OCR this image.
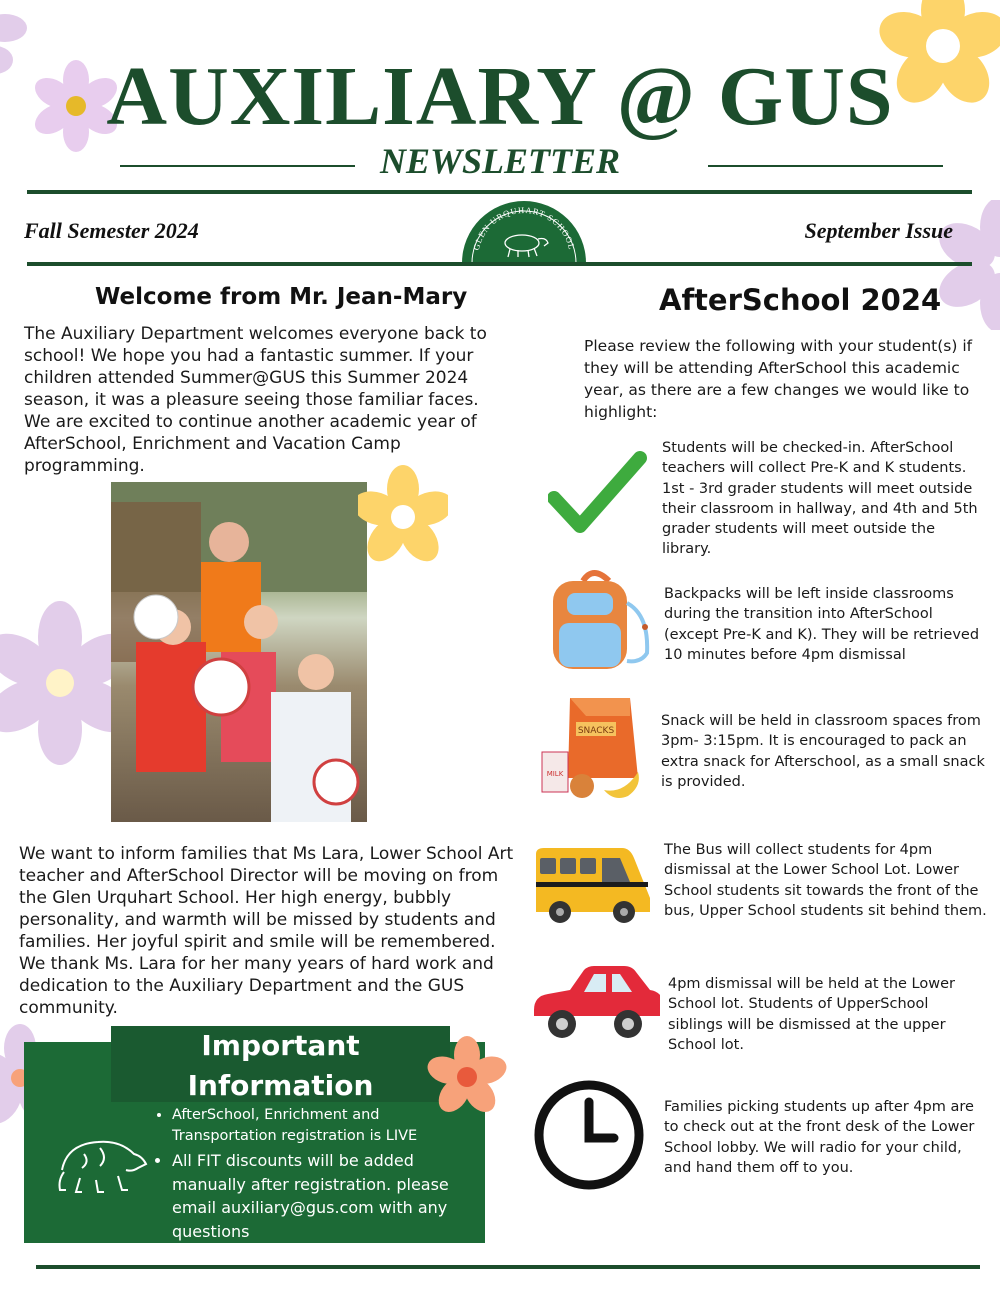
AUXILIARY @ GUS
NEWSLETTER
Fall Semester 2024	September Issue
GLEN URQUHART SCHOOL
Welcome from Mr. Jean-Mary
The Auxiliary Department welcomes everyone back to school! We hope you had a fantastic summer. If your children attended Summer@GUS this Summer 2024 season, it was a pleasure seeing those familiar faces. We are excited to continue another academic year of AfterSchool, Enrichment and Vacation Camp programming.
We want to inform families that Ms Lara, Lower School Art teacher and AfterSchool Director will be moving on from the Glen Urquhart School. Her high energy, bubbly personality, and warmth will be missed by students and families. Her joyful spirit and smile will be remembered. We thank Ms. Lara for her many years of hard work and dedication to the Auxiliary Department and the GUS community.
Important
Information
• AfterSchool, Enrichment and Transportation registration is LIVE
• All FIT discounts will be added manually after registration. please email auxiliary@gus.com with any questions
AfterSchool 2024
Please review the following with your student(s) if they will be attending AfterSchool this academic year, as there are a few changes we would like to highlight:
Students will be checked-in. AfterSchool teachers will collect Pre-K and K students. 1st - 3rd grader students will meet outside their classroom in hallway, and 4th and 5th grader students will meet outside the library.
Backpacks will be left inside classrooms during the transition into AfterSchool (except Pre-K and K). They will be retrieved 10 minutes before 4pm dismissal
SNACKS
MILK
Snack will be held in classroom spaces from 3pm- 3:15pm. It is encouraged to pack an extra snack for Afterschool, as a small snack is provided.
The Bus will collect students for 4pm dismissal at the Lower School Lot. Lower School students sit towards the front of the bus, Upper School students sit behind them.
4pm dismissal will be held at the Lower School lot. Students of UpperSchool siblings will be dismissed at the upper School lot.
Families picking students up after 4pm are to check out at the front desk of the Lower School lobby. We will radio for your child, and hand them off to you.
